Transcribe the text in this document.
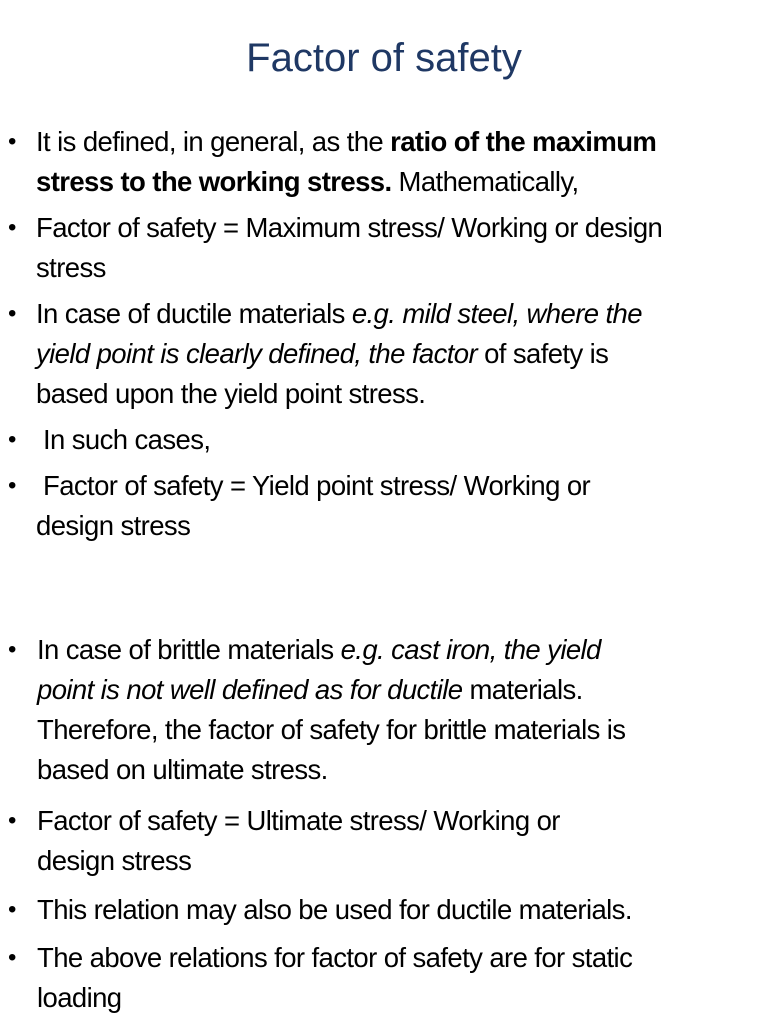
Factor of safety
• It is defined, in general, as the ratio of the maximum
stress to the working stress. Mathematically,
• Factor of safety = Maximum stress/ Working or design
stress
• In case of ductile materials e.g. mild steel, where the
yield point is clearly defined, the factor of safety is
based upon the yield point stress.
• In such cases,
• Factor of safety = Yield point stress/ Working or
design stress
• In case of brittle materials e.g. cast iron, the yield
point is not well defined as for ductile materials.
Therefore, the factor of safety for brittle materials is
based on ultimate stress.
• Factor of safety = Ultimate stress/ Working or
design stress
• This relation may also be used for ductile materials.
• The above relations for factor of safety are for static
loading
